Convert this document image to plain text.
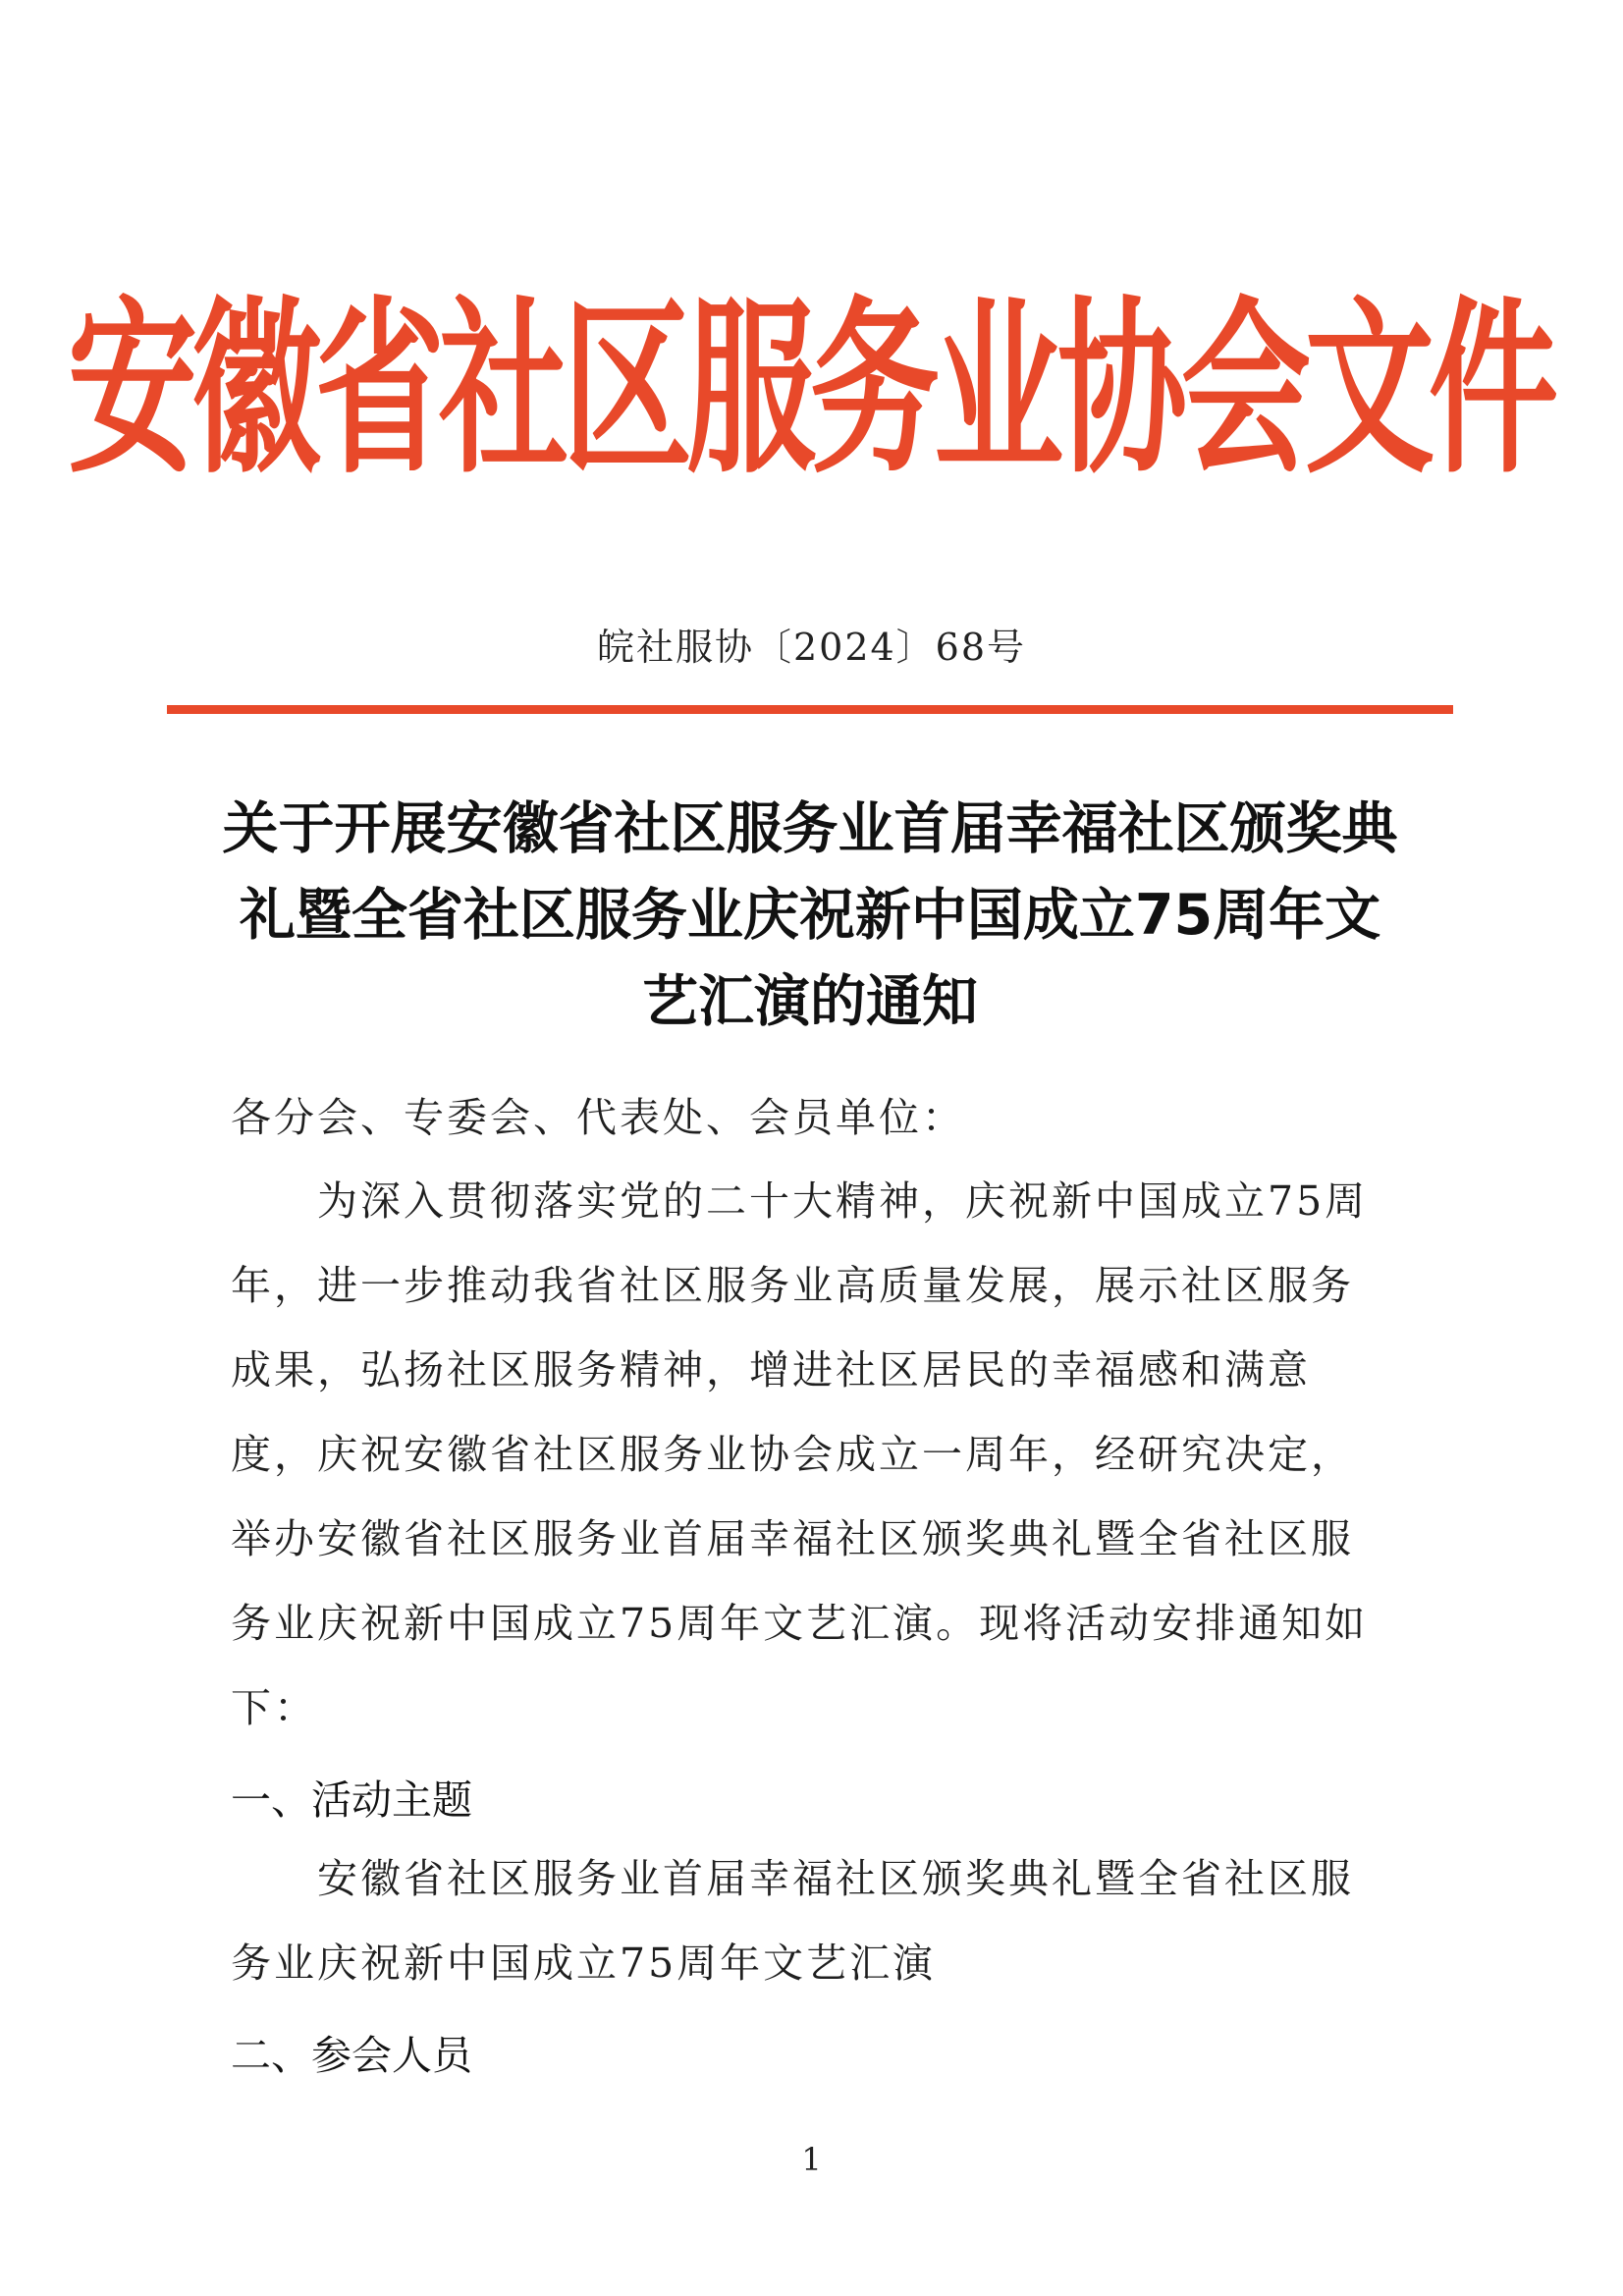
安徽省社区服务业协会文件
皖社服协〔2024〕68号
关于开展安徽省社区服务业首届幸福社区颁奖典礼暨全省社区服务业庆祝新中国成立75周年文艺汇演的通知
各分会、专委会、代表处、会员单位：
为深入贯彻落实党的二十大精神，庆祝新中国成立75周年，进一步推动我省社区服务业高质量发展，展示社区服务成果，弘扬社区服务精神，增进社区居民的幸福感和满意度，庆祝安徽省社区服务业协会成立一周年，经研究决定，举办安徽省社区服务业首届幸福社区颁奖典礼暨全省社区服务业庆祝新中国成立75周年文艺汇演。现将活动安排通知如下：
一、活动主题
安徽省社区服务业首届幸福社区颁奖典礼暨全省社区服务业庆祝新中国成立75周年文艺汇演
二、参会人员
1
